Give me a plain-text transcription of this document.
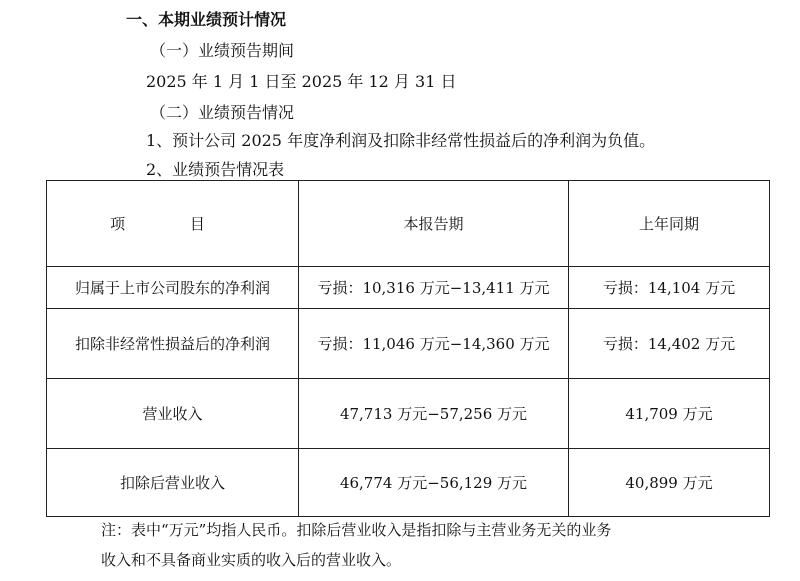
一、本期业绩预计情况
（一）业绩预告期间
2025 年 1 月 1 日至 2025 年 12 月 31 日
（二）业绩预告情况
1、预计公司 2025 年度净利润及扣除非经常性损益后的净利润为负值。
2、业绩预告情况表
项 目	本报告期	上年同期
归属于上市公司股东的净利润	亏损：10,316 万元−13,411 万元	亏损：14,104 万元
扣除非经常性损益后的净利润	亏损：11,046 万元−14,360 万元	亏损：14,402 万元
营业收入	47,713 万元−57,256 万元	41,709 万元
扣除后营业收入	46,774 万元−56,129 万元	40,899 万元
注：表中“万元”均指人民币。扣除后营业收入是指扣除与主营业务无关的业务
收入和不具备商业实质的收入后的营业收入。
